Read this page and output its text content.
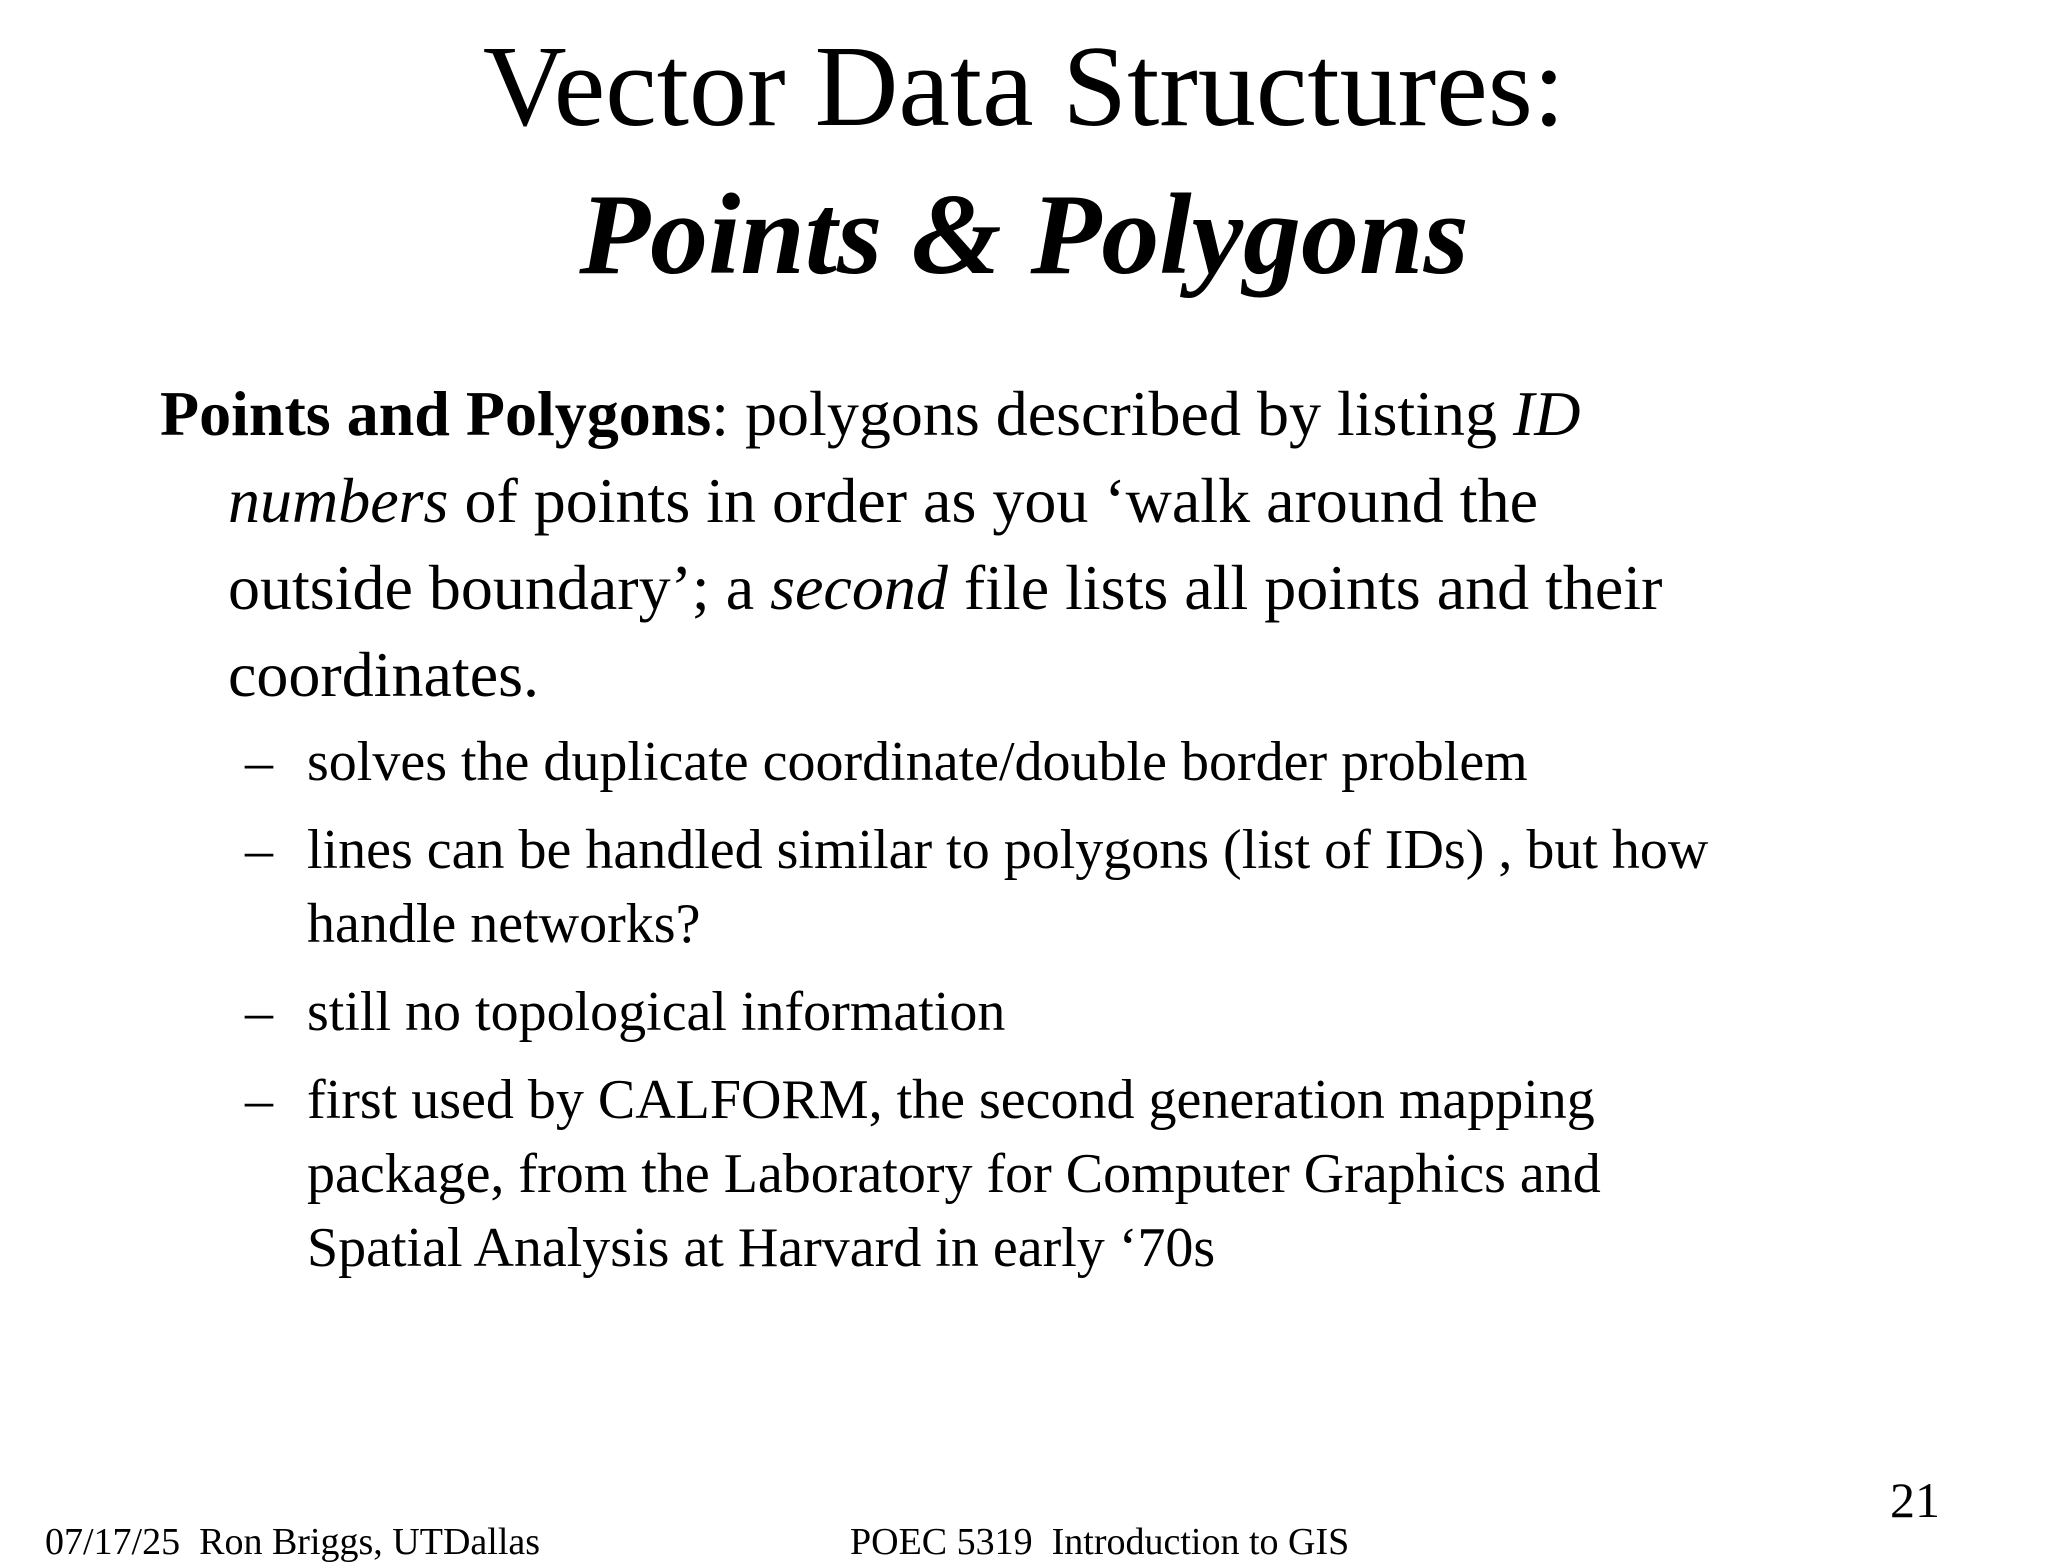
Vector Data Structures:
Points & Polygons
Points and Polygons: polygons described by listing ID
numbers of points in order as you ‘walk around the
outside boundary’; a second file lists all points and their
coordinates.
– solves the duplicate coordinate/double border problem
– lines can be handled similar to polygons (list of IDs) , but how
handle networks?
– still no topological information
– first used by CALFORM, the second generation mapping
package, from the Laboratory for Computer Graphics and
Spatial Analysis at Harvard in early ‘70s
07/17/25  Ron Briggs, UTDallas	POEC 5319  Introduction to GIS
21
